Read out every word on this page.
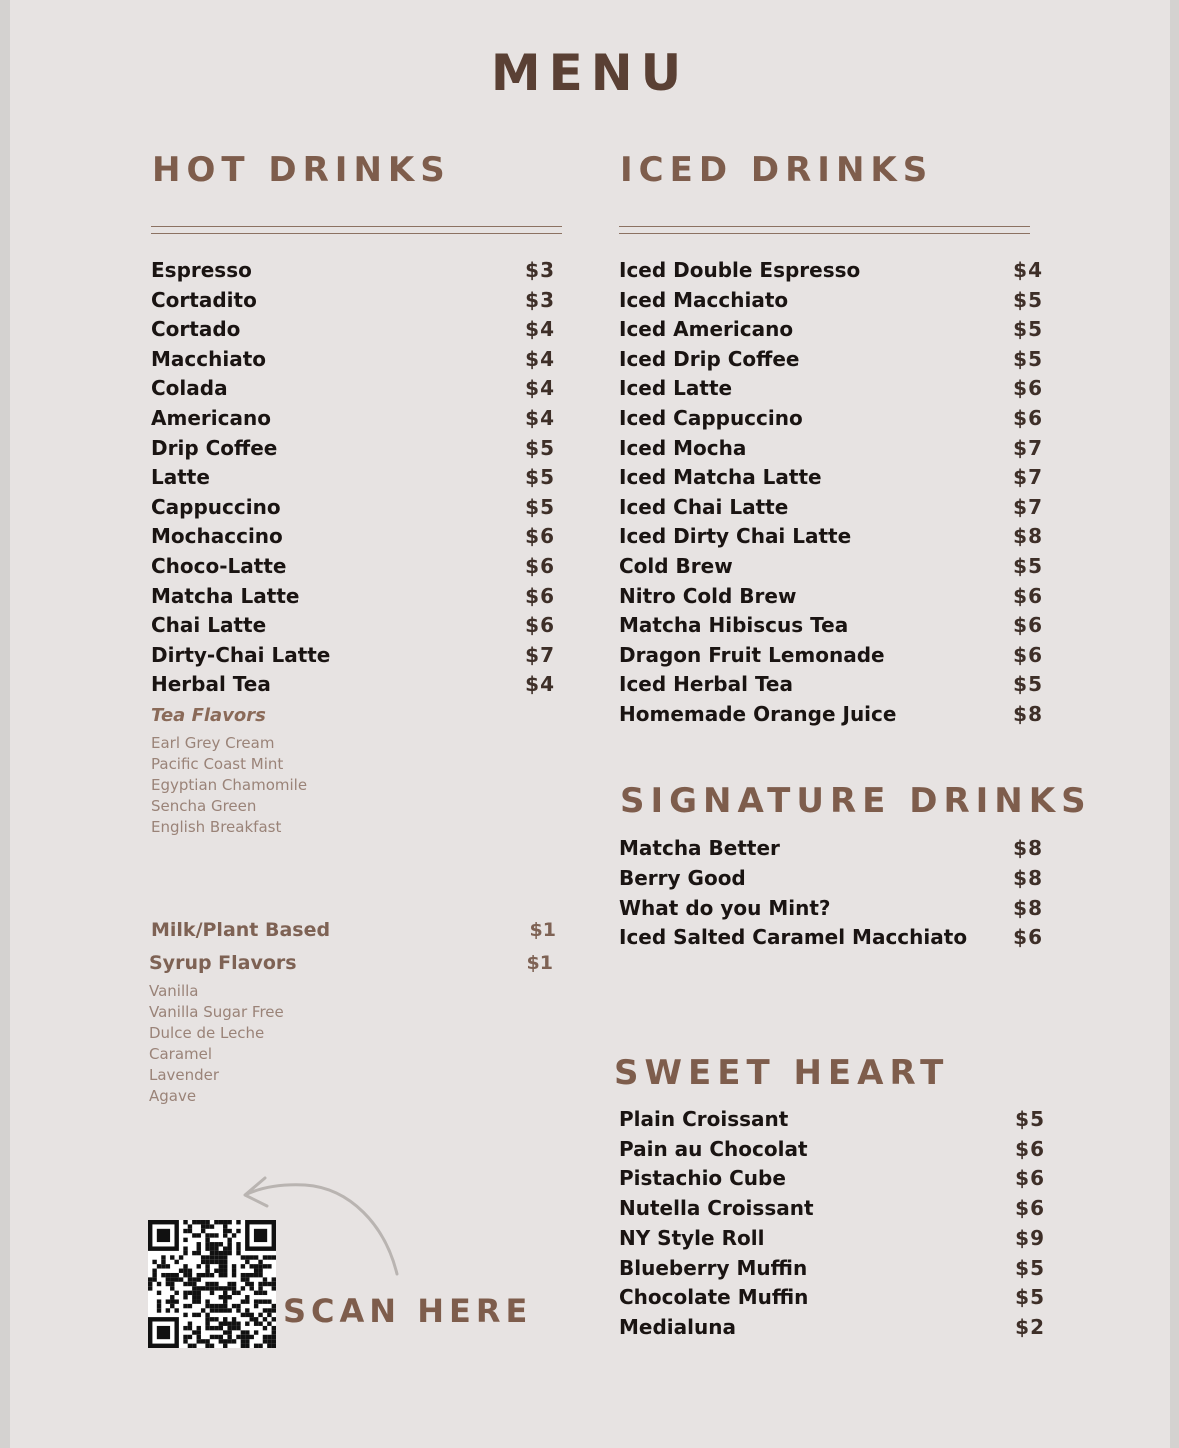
MENU
HOT DRINKS
Espresso	$3
Cortadito	$3
Cortado	$4
Macchiato	$4
Colada	$4
Americano	$4
Drip Coffee	$5
Latte	$5
Cappuccino	$5
Mochaccino	$6
Choco-Latte	$6
Matcha Latte	$6
Chai Latte	$6
Dirty-Chai Latte	$7
Herbal Tea	$4
Tea Flavors
Earl Grey Cream
Pacific Coast Mint
Egyptian Chamomile
Sencha Green
English Breakfast
Milk/Plant Based	$1
Syrup Flavors	$1
Vanilla
Vanilla Sugar Free
Dulce de Leche
Caramel
Lavender
Agave
SCAN HERE
ICED DRINKS
Iced Double Espresso	$4
Iced Macchiato	$5
Iced Americano	$5
Iced Drip Coffee	$5
Iced Latte	$6
Iced Cappuccino	$6
Iced Mocha	$7
Iced Matcha Latte	$7
Iced Chai Latte	$7
Iced Dirty Chai Latte	$8
Cold Brew	$5
Nitro Cold Brew	$6
Matcha Hibiscus Tea	$6
Dragon Fruit Lemonade	$6
Iced Herbal Tea	$5
Homemade Orange Juice	$8
SIGNATURE DRINKS
Matcha Better	$8
Berry Good	$8
What do you Mint?	$8
Iced Salted Caramel Macchiato $6
SWEET HEART
Plain Croissant	$5
Pain au Chocolat	$6
Pistachio Cube	$6
Nutella Croissant	$6
NY Style Roll	$9
Blueberry Muffin	$5
Chocolate Muffin	$5
Medialuna	$2
